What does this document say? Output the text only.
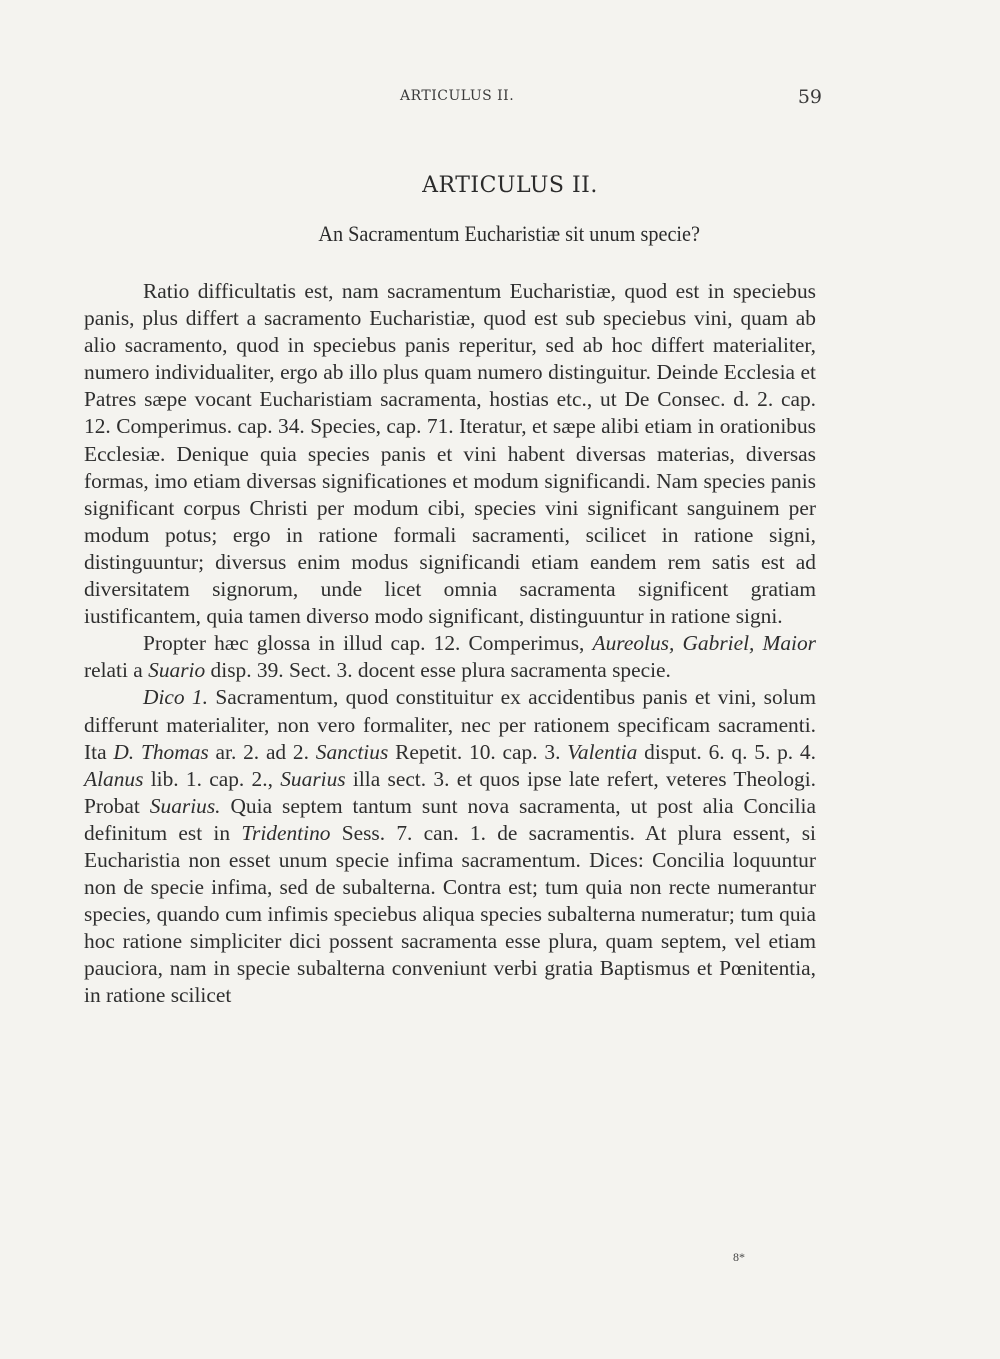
ARTICULUS II.	59
ARTICULUS II.
An Sacramentum Eucharistiæ sit unum specie?

Ratio difficultatis est, nam sacramentum Eucharistiæ, quod est in speciebus panis, plus differt a sacramento Eucharistiæ, quod est sub speciebus vini, quam ab alio sacramento, quod in speciebus panis reperitur, sed ab hoc differt materialiter, numero individualiter, ergo ab illo plus quam numero distinguitur. Deinde Ecclesia et Patres sæpe vocant Eucharistiam sacramenta, hostias etc., ut De Consec. d. 2. cap. 12. Comperimus. cap. 34. Species, cap. 71. Iteratur, et sæpe alibi etiam in orationibus Ecclesiæ. Denique quia species panis et vini habent diversas materias, diversas formas, imo etiam diversas significationes et modum significandi. Nam species panis significant corpus Christi per modum cibi, species vini significant sanguinem per modum potus; ergo in ratione formali sacramenti, scilicet in ratione signi, distinguuntur; diversus enim modus significandi etiam eandem rem satis est ad diversitatem signorum, unde licet omnia sacramenta significent gratiam iustificantem, quia tamen diverso modo significant, distinguuntur in ratione signi.

Propter hæc glossa in illud cap. 12. Comperimus, Aureolus, Gabriel, Maior relati a Suario disp. 39. Sect. 3. docent esse plura sacramenta specie.

Dico 1. Sacramentum, quod constituitur ex accidentibus panis et vini, solum differunt materialiter, non vero formaliter, nec per rationem specificam sacramenti. Ita D. Thomas ar. 2. ad 2. Sanctius Repetit. 10. cap. 3. Valentia disput. 6. q. 5. p. 4. Alanus lib. 1. cap. 2., Suarius illa sect. 3. et quos ipse late refert, veteres Theologi. Probat Suarius. Quia septem tantum sunt nova sacramenta, ut post alia Concilia definitum est in Tridentino Sess. 7. can. 1. de sacramentis. At plura essent, si Eucharistia non esset unum specie infima sacramentum. Dices: Concilia loquuntur non de specie infima, sed de subalterna. Contra est; tum quia non recte numerantur species, quando cum infimis speciebus aliqua species subalterna numeratur; tum quia hoc ratione simpliciter dici possent sacramenta esse plura, quam septem, vel etiam pauciora, nam in specie subalterna conveniunt verbi gratia Baptismus et Pœnitentia, in ratione scilicet

8*
